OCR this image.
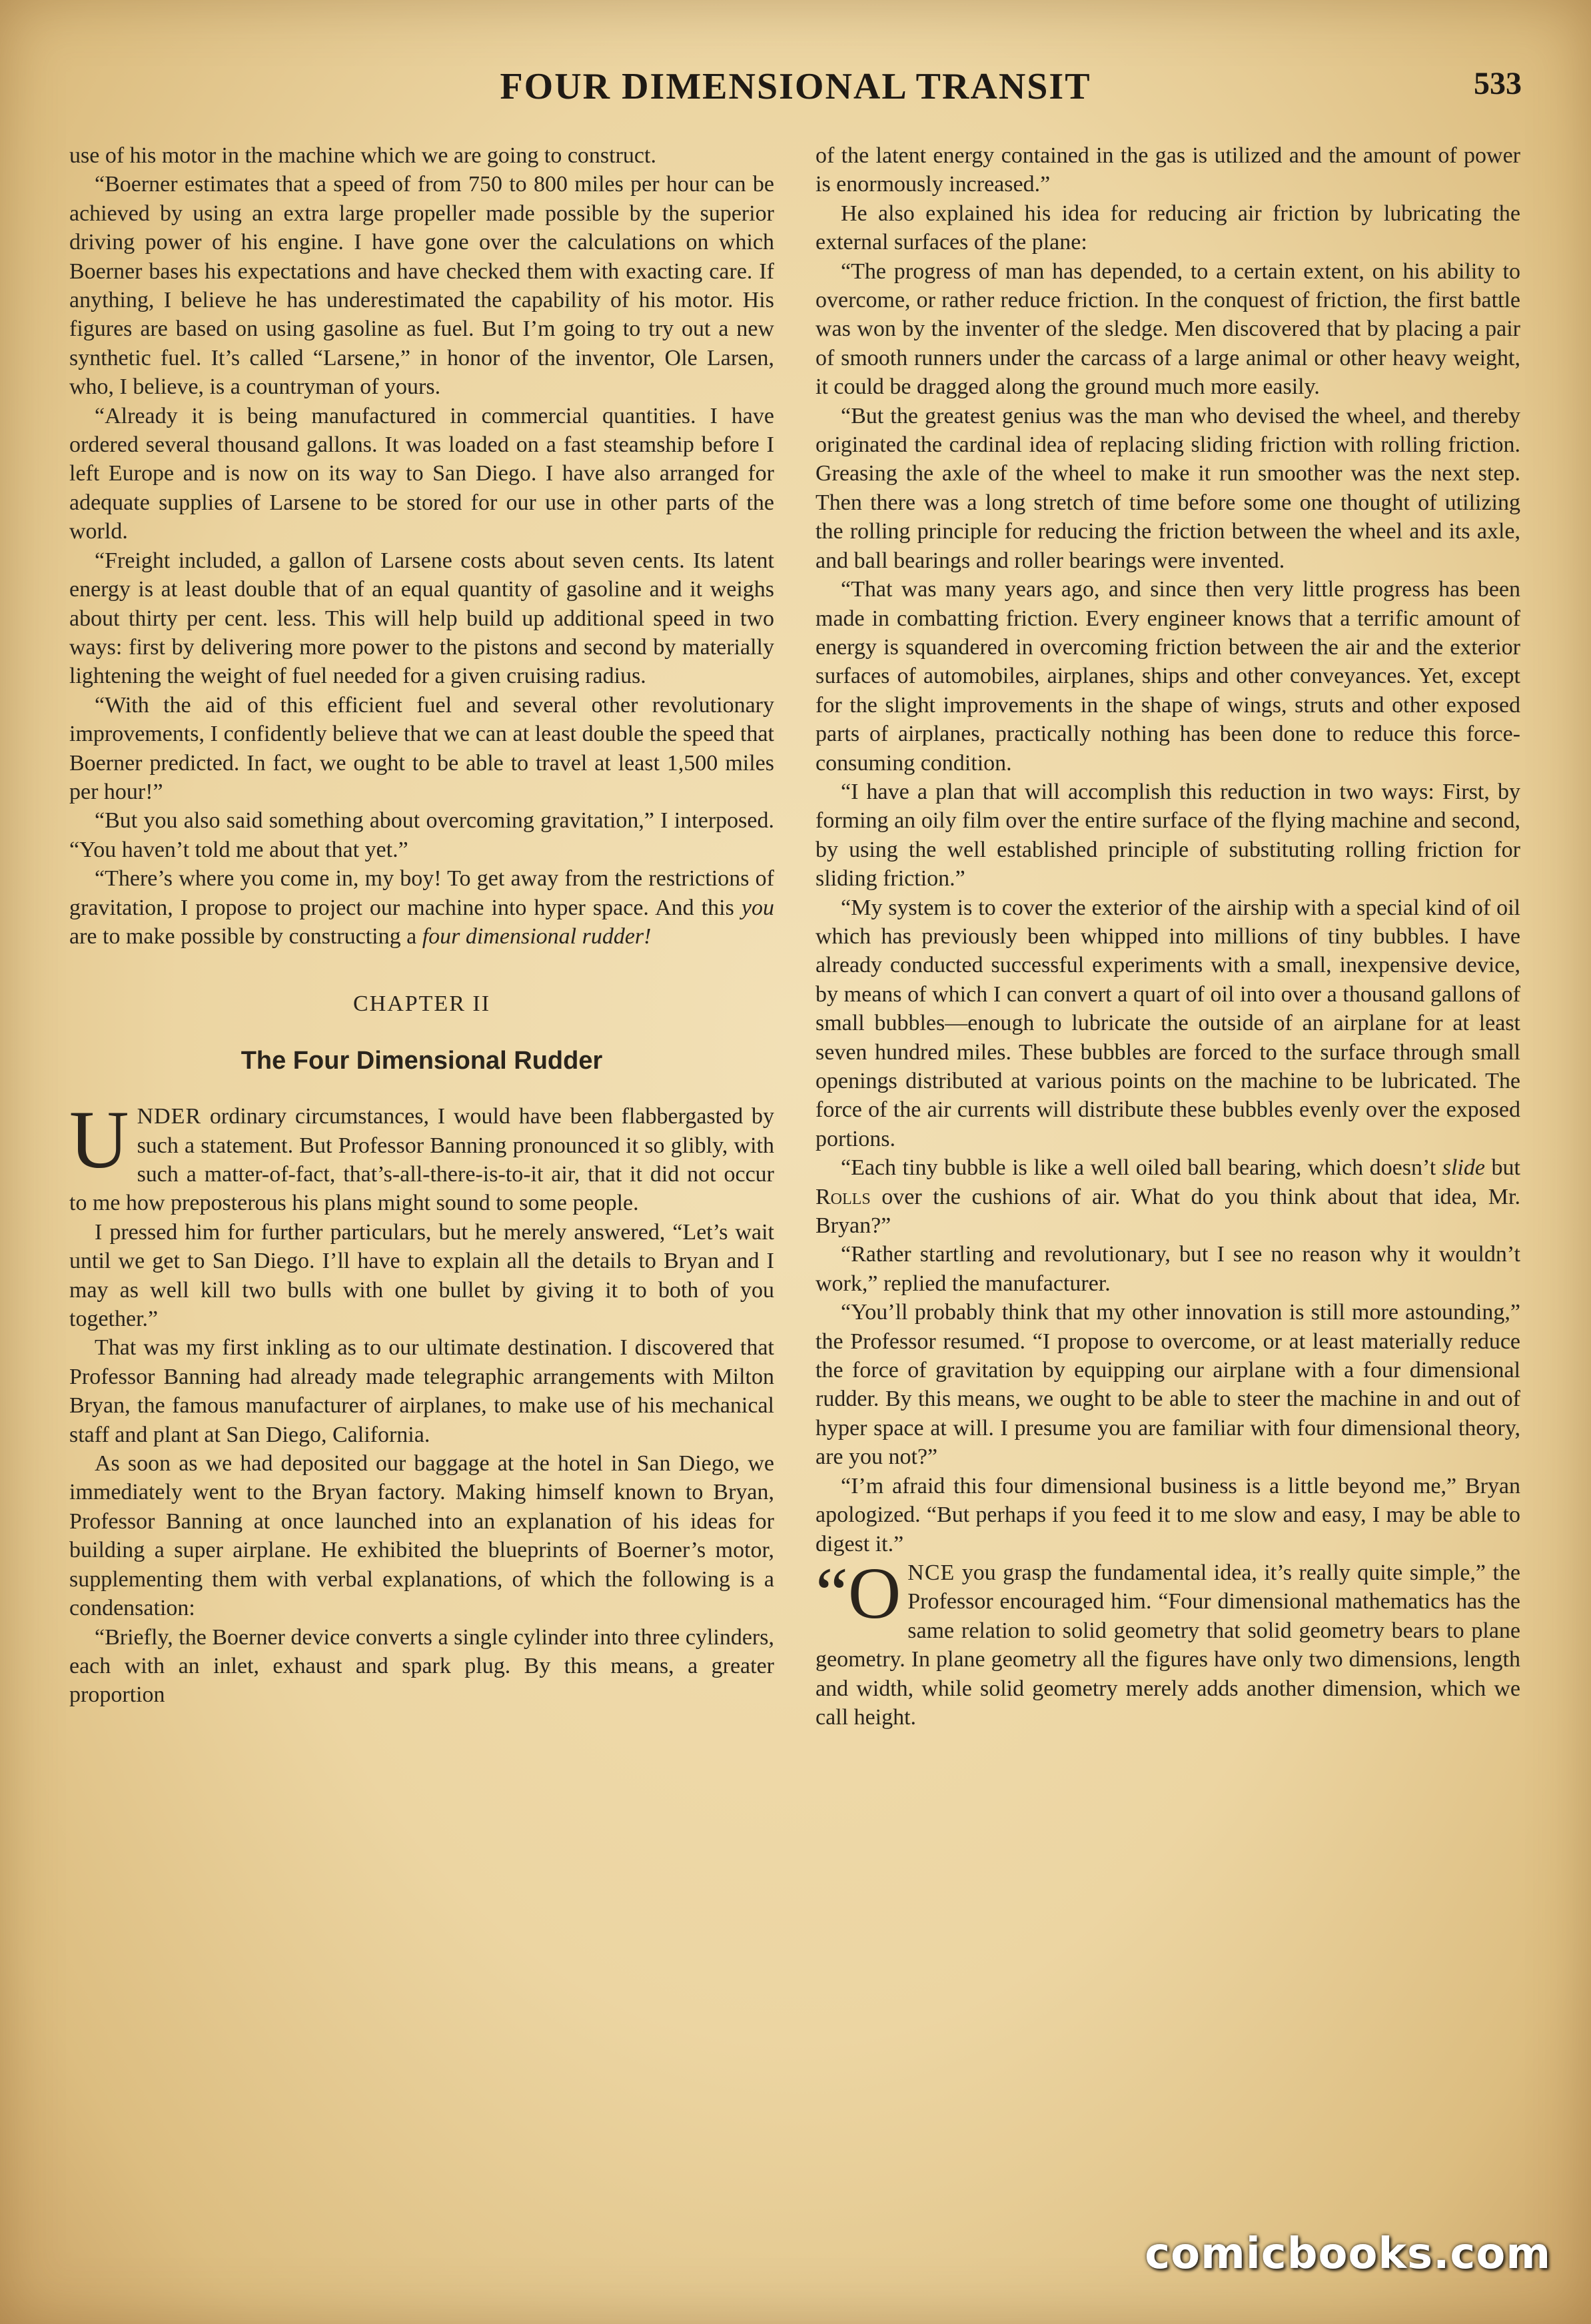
FOUR DIMENSIONAL TRANSIT	533

use of his motor in the machine which we are going to construct.

“Boerner estimates that a speed of from 750 to 800 miles per hour can be achieved by using an extra large propeller made possible by the superior driving power of his engine. I have gone over the calculations on which Boerner bases his expectations and have checked them with exacting care. If anything, I believe he has underestimated the capability of his motor. His figures are based on using gasoline as fuel. But I’m going to try out a new synthetic fuel. It’s called “Larsene,” in honor of the inventor, Ole Larsen, who, I believe, is a countryman of yours.

“Already it is being manufactured in commercial quantities. I have ordered several thousand gallons. It was loaded on a fast steamship before I left Europe and is now on its way to San Diego. I have also arranged for adequate supplies of Larsene to be stored for our use in other parts of the world.

“Freight included, a gallon of Larsene costs about seven cents. Its latent energy is at least double that of an equal quantity of gasoline and it weighs about thirty per cent. less. This will help build up additional speed in two ways: first by delivering more power to the pistons and second by materially lightening the weight of fuel needed for a given cruising radius.

“With the aid of this efficient fuel and several other revolutionary improvements, I confidently believe that we can at least double the speed that Boerner predicted. In fact, we ought to be able to travel at least 1,500 miles per hour!”

“But you also said something about overcoming gravitation,” I interposed. “You haven’t told me about that yet.”

“There’s where you come in, my boy! To get away from the restrictions of gravitation, I propose to project our machine into hyper space. And this you are to make possible by constructing a four dimensional rudder!

CHAPTER II
The Four Dimensional Rudder

UNDER ordinary circumstances, I would have been flabbergasted by such a statement. But Professor Banning pronounced it so glibly, with such a matter-of-fact, that’s-all-there-is-to-it air, that it did not occur to me how preposterous his plans might sound to some people.

I pressed him for further particulars, but he merely answered, “Let’s wait until we get to San Diego. I’ll have to explain all the details to Bryan and I may as well kill two bulls with one bullet by giving it to both of you together.”

That was my first inkling as to our ultimate destination. I discovered that Professor Banning had already made telegraphic arrangements with Milton Bryan, the famous manufacturer of airplanes, to make use of his mechanical staff and plant at San Diego, California.

As soon as we had deposited our baggage at the hotel in San Diego, we immediately went to the Bryan factory. Making himself known to Bryan, Professor Banning at once launched into an explanation of his ideas for building a super airplane. He exhibited the blueprints of Boerner’s motor, supplementing them with verbal explanations, of which the following is a condensation:

“Briefly, the Boerner device converts a single cylinder into three cylinders, each with an inlet, exhaust and spark plug. By this means, a greater proportion

of the latent energy contained in the gas is utilized and the amount of power is enormously increased.”

He also explained his idea for reducing air friction by lubricating the external surfaces of the plane:

“The progress of man has depended, to a certain extent, on his ability to overcome, or rather reduce friction. In the conquest of friction, the first battle was won by the inventer of the sledge. Men discovered that by placing a pair of smooth runners under the carcass of a large animal or other heavy weight, it could be dragged along the ground much more easily.

“But the greatest genius was the man who devised the wheel, and thereby originated the cardinal idea of replacing sliding friction with rolling friction. Greasing the axle of the wheel to make it run smoother was the next step. Then there was a long stretch of time before some one thought of utilizing the rolling principle for reducing the friction between the wheel and its axle, and ball bearings and roller bearings were invented.

“That was many years ago, and since then very little progress has been made in combatting friction. Every engineer knows that a terrific amount of energy is squandered in overcoming friction between the air and the exterior surfaces of automobiles, airplanes, ships and other conveyances. Yet, except for the slight improvements in the shape of wings, struts and other exposed parts of airplanes, practically nothing has been done to reduce this force-consuming condition.

“I have a plan that will accomplish this reduction in two ways: First, by forming an oily film over the entire surface of the flying machine and second, by using the well established principle of substituting rolling friction for sliding friction.”

“My system is to cover the exterior of the airship with a special kind of oil which has previously been whipped into millions of tiny bubbles. I have already conducted successful experiments with a small, inexpensive device, by means of which I can convert a quart of oil into over a thousand gallons of small bubbles—enough to lubricate the outside of an airplane for at least seven hundred miles. These bubbles are forced to the surface through small openings distributed at various points on the machine to be lubricated. The force of the air currents will distribute these bubbles evenly over the exposed portions.

“Each tiny bubble is like a well oiled ball bearing, which doesn’t slide but Rolls over the cushions of air. What do you think about that idea, Mr. Bryan?”

“Rather startling and revolutionary, but I see no reason why it wouldn’t work,” replied the manufacturer.

“You’ll probably think that my other innovation is still more astounding,” the Professor resumed. “I propose to overcome, or at least materially reduce the force of gravitation by equipping our airplane with a four dimensional rudder. By this means, we ought to be able to steer the machine in and out of hyper space at will. I presume you are familiar with four dimensional theory, are you not?”

“I’m afraid this four dimensional business is a little beyond me,” Bryan apologized. “But perhaps if you feed it to me slow and easy, I may be able to digest it.”

“ONCE you grasp the fundamental idea, it’s really quite simple,” the Professor encouraged him. “Four dimensional mathematics has the same relation to solid geometry that solid geometry bears to plane geometry. In plane geometry all the figures have only two dimensions, length and width, while solid geometry merely adds another dimension, which we call height.

comicbooks.com
